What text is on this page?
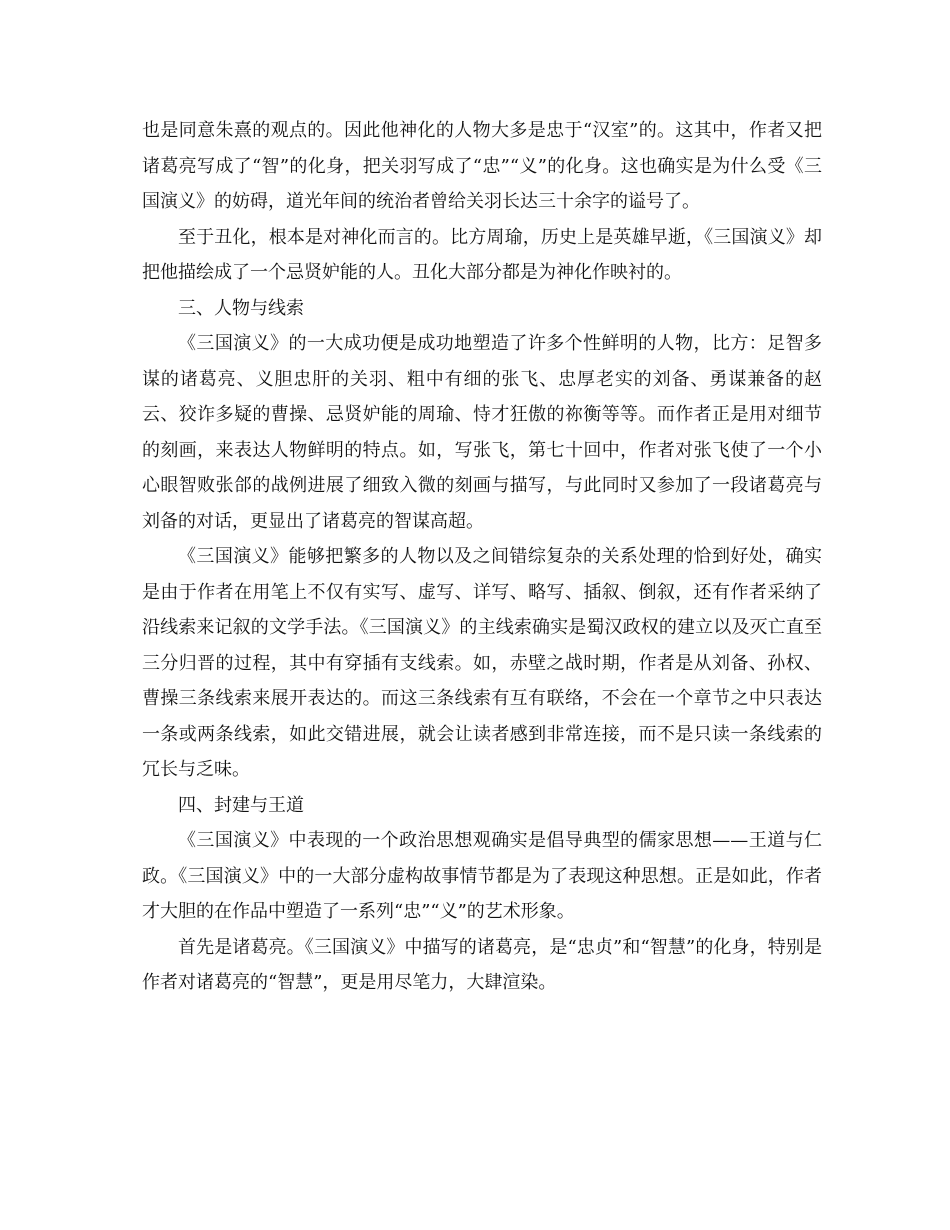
也是同意朱熹的观点的。因此他神化的人物大多是忠于“汉室”的。这其中，作者又把诸葛亮写成了“智”的化身，把关羽写成了“忠”“义”的化身。这也确实是为什么受《三国演义》的妨碍，道光年间的统治者曾给关羽长达三十余字的谥号了。

至于丑化，根本是对神化而言的。比方周瑜，历史上是英雄早逝，《三国演义》却把他描绘成了一个忌贤妒能的人。丑化大部分都是为神化作映衬的。

三、人物与线索

《三国演义》的一大成功便是成功地塑造了许多个性鲜明的人物，比方：足智多谋的诸葛亮、义胆忠肝的关羽、粗中有细的张飞、忠厚老实的刘备、勇谋兼备的赵云、狡诈多疑的曹操、忌贤妒能的周瑜、恃才狂傲的祢衡等等。而作者正是用对细节的刻画，来表达人物鲜明的特点。如，写张飞，第七十回中，作者对张飞使了一个小心眼智败张郃的战例进展了细致入微的刻画与描写，与此同时又参加了一段诸葛亮与刘备的对话，更显出了诸葛亮的智谋高超。

《三国演义》能够把繁多的人物以及之间错综复杂的关系处理的恰到好处，确实是由于作者在用笔上不仅有实写、虚写、详写、略写、插叙、倒叙，还有作者采纳了沿线索来记叙的文学手法。《三国演义》的主线索确实是蜀汉政权的建立以及灭亡直至三分归晋的过程，其中有穿插有支线索。如，赤壁之战时期，作者是从刘备、孙权、曹操三条线索来展开表达的。而这三条线索有互有联络，不会在一个章节之中只表达一条或两条线索，如此交错进展，就会让读者感到非常连接，而不是只读一条线索的冗长与乏味。

四、封建与王道

《三国演义》中表现的一个政治思想观确实是倡导典型的儒家思想——王道与仁政。《三国演义》中的一大部分虚构故事情节都是为了表现这种思想。正是如此，作者才大胆的在作品中塑造了一系列“忠”“义”的艺术形象。

首先是诸葛亮。《三国演义》中描写的诸葛亮，是“忠贞”和“智慧”的化身，特别是作者对诸葛亮的“智慧”，更是用尽笔力，大肆渲染。
